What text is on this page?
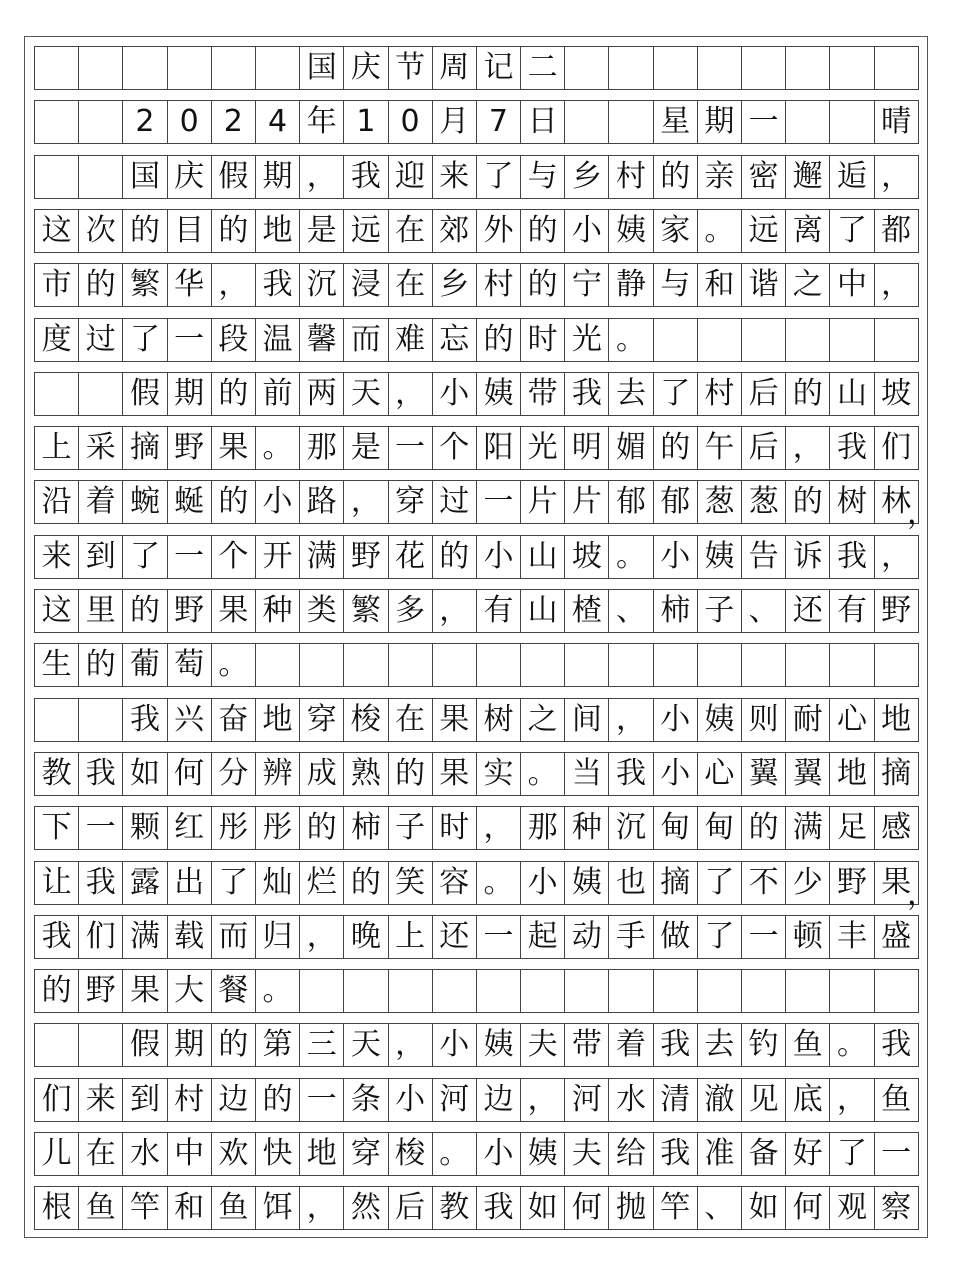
国 庆 节 周 记 二
2 0 2 4 年 1 0 月 7 日	星 期 一	晴
国 庆 假 期 ， 我 迎 来 了 与 乡 村 的 亲 密 邂 逅 ，
这 次 的 目 的 地 是 远 在 郊 外 的 小 姨 家 。 远 离 了 都
市 的 繁 华 ， 我 沉 浸 在 乡 村 的 宁 静 与 和 谐 之 中 ，
度 过 了 一 段 温 馨 而 难 忘 的 时 光 。
假 期 的 前 两 天 ， 小 姨 带 我 去 了 村 后 的 山 坡
上 采 摘 野 果 。 那 是 一 个 阳 光 明 媚 的 午 后 ， 我 们
沿 着 蜿 蜒 的 小 路 ， 穿 过 一 片 片 郁 郁 葱 葱 的 树 林
，
来 到 了 一 个 开 满 野 花 的 小 山 坡 。 小 姨 告 诉 我 ，
这 里 的 野 果 种 类 繁 多 ， 有 山 楂 、 柿 子 、 还 有 野
生 的 葡 萄 。
我 兴 奋 地 穿 梭 在 果 树 之 间 ， 小 姨 则 耐 心 地
教 我 如 何 分 辨 成 熟 的 果 实 。 当 我 小 心 翼 翼 地 摘
下 一 颗 红 彤 彤 的 柿 子 时 ， 那 种 沉 甸 甸 的 满 足 感
让 我 露 出 了 灿 烂 的 笑 容 。 小 姨 也 摘 了 不 少 野 果
，
我 们 满 载 而 归 ， 晚 上 还 一 起 动 手 做 了 一 顿 丰 盛
的 野 果 大 餐 。
假 期 的 第 三 天 ， 小 姨 夫 带 着 我 去 钓 鱼 。 我
们 来 到 村 边 的 一 条 小 河 边 ， 河 水 清 澈 见 底 ， 鱼
儿 在 水 中 欢 快 地 穿 梭 。 小 姨 夫 给 我 准 备 好 了 一
根 鱼 竿 和 鱼 饵 ， 然 后 教 我 如 何 抛 竿 、 如 何 观 察
